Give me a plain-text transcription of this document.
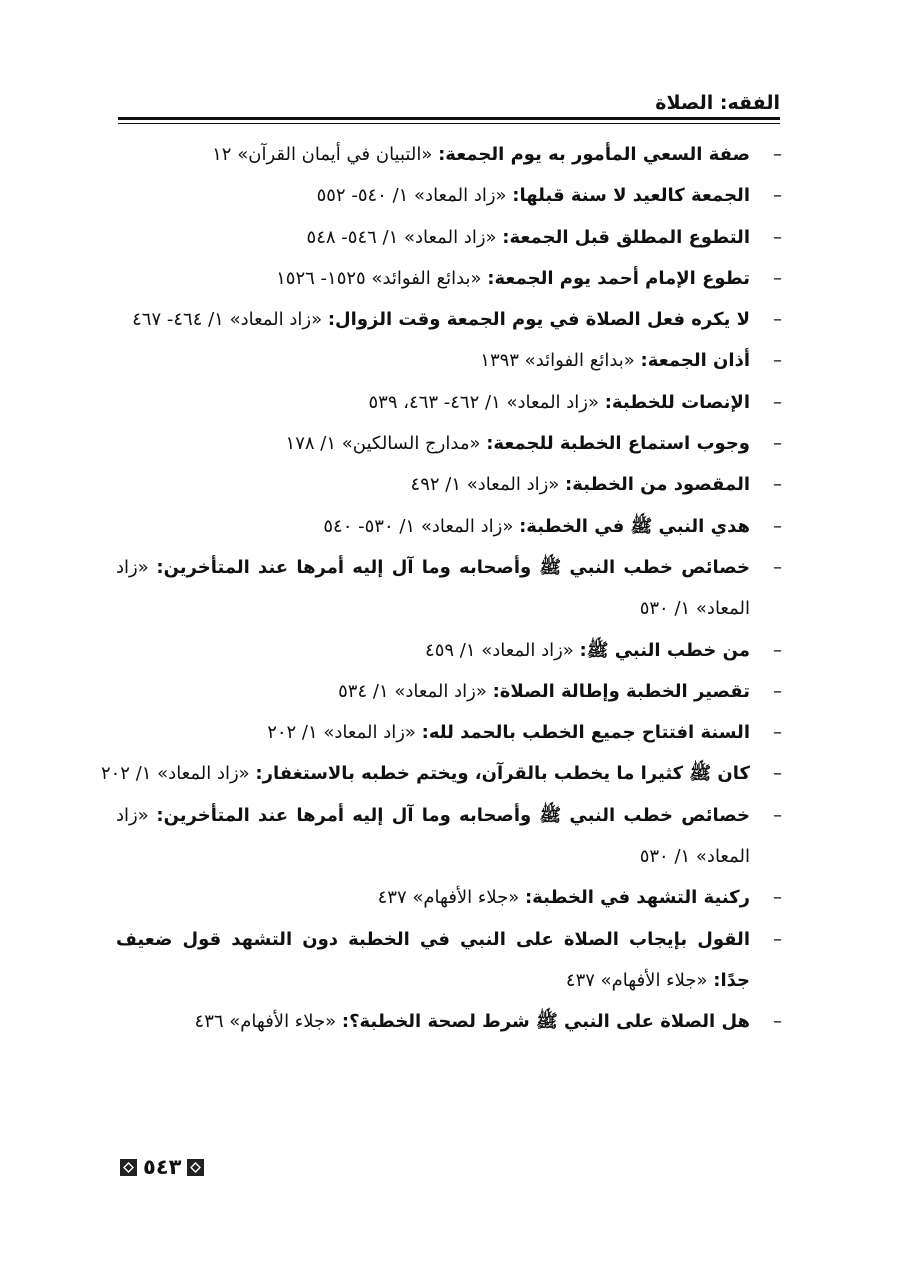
الفقه: الصلاة
–
صفة السعي المأمور به يوم الجمعة: «التبيان في أيمان القرآن» ١٢
–
الجمعة كالعيد لا سنة قبلها: «زاد المعاد» ١/ ٥٤٠- ٥٥٢
–
التطوع المطلق قبل الجمعة: «زاد المعاد» ١/ ٥٤٦- ٥٤٨
–
تطوع الإمام أحمد يوم الجمعة: «بدائع الفوائد» ١٥٢٥- ١٥٢٦
–
لا يكره فعل الصلاة في يوم الجمعة وقت الزوال: «زاد المعاد» ١/ ٤٦٤- ٤٦٧
–
أذان الجمعة: «بدائع الفوائد» ١٣٩٣
–
الإنصات للخطبة: «زاد المعاد» ١/ ٤٦٢- ٤٦٣، ٥٣٩
–
وجوب استماع الخطبة للجمعة: «مدارج السالكين» ١/ ١٧٨
–
المقصود من الخطبة: «زاد المعاد» ١/ ٤٩٢
–
هدي النبي ﷺ في الخطبة: «زاد المعاد» ١/ ٥٣٠- ٥٤٠
–
خصائص خطب النبي ﷺ وأصحابه وما آل إليه أمرها عند المتأخرين: «زاد المعاد» ١/ ٥٣٠
–
من خطب النبي ﷺ: «زاد المعاد» ١/ ٤٥٩
–
تقصير الخطبة وإطالة الصلاة: «زاد المعاد» ١/ ٥٣٤
–
السنة افتتاح جميع الخطب بالحمد لله: «زاد المعاد» ١/ ٢٠٢
–
كان ﷺ كثيرا ما يخطب بالقرآن، ويختم خطبه بالاستغفار: «زاد المعاد» ١/ ٢٠٢
–
خصائص خطب النبي ﷺ وأصحابه وما آل إليه أمرها عند المتأخرين: «زاد المعاد» ١/ ٥٣٠
–
ركنية التشهد في الخطبة: «جلاء الأفهام» ٤٣٧
–
القول بإيجاب الصلاة على النبي في الخطبة دون التشهد قول ضعيف جدًا: «جلاء الأفهام» ٤٣٧
–
هل الصلاة على النبي ﷺ شرط لصحة الخطبة؟: «جلاء الأفهام» ٤٣٦
٥٤٣
